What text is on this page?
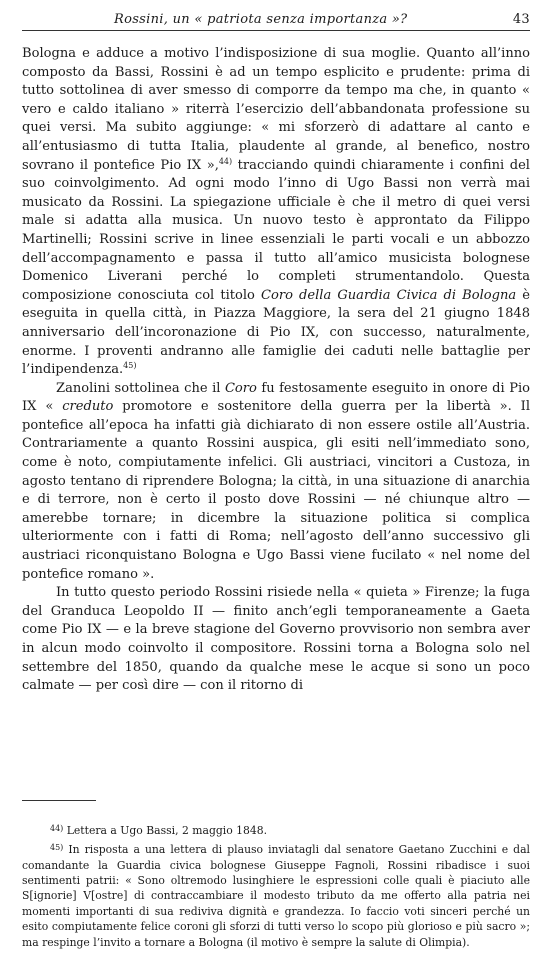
Rossini, un « patriota senza importanza »?	43

Bologna e adduce a motivo l’indisposizione di sua moglie. Quanto all’inno composto da Bassi, Rossini è ad un tempo esplicito e prudente: prima di tutto sottolinea di aver smesso di comporre da tempo ma che, in quanto « vero e caldo italiano » riterrà l’esercizio dell’abbandonata professione su quei versi. Ma subito aggiunge: « mi sforzerò di adattare al canto e all’entusiasmo di tutta Italia, plaudente al grande, al benefico, nostro sovrano il pontefice Pio IX »,$^{44)}$ tracciando quindi chiaramente i confini del suo coinvolgimento. Ad ogni modo l’inno di Ugo Bassi non verrà mai musicato da Rossini. La spiegazione ufficiale è che il metro di quei versi male si adatta alla musica. Un nuovo testo è approntato da Filippo Martinelli; Rossini scrive in linee essenziali le parti vocali e un abbozzo dell’accompagnamento e passa il tutto all’amico musicista bolognese Domenico Liverani perché lo completi strumentandolo. Questa composizione conosciuta col titolo Coro della Guardia Civica di Bologna è eseguita in quella città, in Piazza Maggiore, la sera del 21 giugno 1848 anniversario dell’incoronazione di Pio IX, con successo, naturalmente, enorme. I proventi andranno alle famiglie dei caduti nelle battaglie per l’indipendenza.$^{45)}$

Zanolini sottolinea che il Coro fu festosamente eseguito in onore di Pio IX « creduto promotore e sostenitore della guerra per la libertà ». Il pontefice all’epoca ha infatti già dichiarato di non essere ostile all’Austria. Contrariamente a quanto Rossini auspica, gli esiti nell’immediato sono, come è noto, compiutamente infelici. Gli austriaci, vincitori a Custoza, in agosto tentano di riprendere Bologna; la città, in una situazione di anarchia e di terrore, non è certo il posto dove Rossini — né chiunque altro — amerebbe tornare; in dicembre la situazione politica si complica ulteriormente con i fatti di Roma; nell’agosto dell’anno successivo gli austriaci riconquistano Bologna e Ugo Bassi viene fucilato « nel nome del pontefice romano ».

In tutto questo periodo Rossini risiede nella « quieta » Firenze; la fuga del Granduca Leopoldo II — finito anch’egli temporaneamente a Gaeta come Pio IX — e la breve stagione del Governo provvisorio non sembra aver in alcun modo coinvolto il compositore. Rossini torna a Bologna solo nel settembre del 1850, quando da qualche mese le acque si sono un poco calmate — per così dire — con il ritorno di

$^{44)}$ Lettera a Ugo Bassi, 2 maggio 1848.

$^{45)}$ In risposta a una lettera di plauso inviatagli dal senatore Gaetano Zucchini e dal comandante la Guardia civica bolognese Giuseppe Fagnoli, Rossini ribadisce i suoi sentimenti patrii: « Sono oltremodo lusinghiere le espressioni colle quali è piaciuto alle S[ignorie] V[ostre] di contraccambiare il modesto tributo da me offerto alla patria nei momenti importanti di sua rediviva dignità e grandezza. Io faccio voti sinceri perché un esito compiutamente felice coroni gli sforzi di tutti verso lo scopo più glorioso e più sacro »; ma respinge l’invito a tornare a Bologna (il motivo è sempre la salute di Olimpia).
